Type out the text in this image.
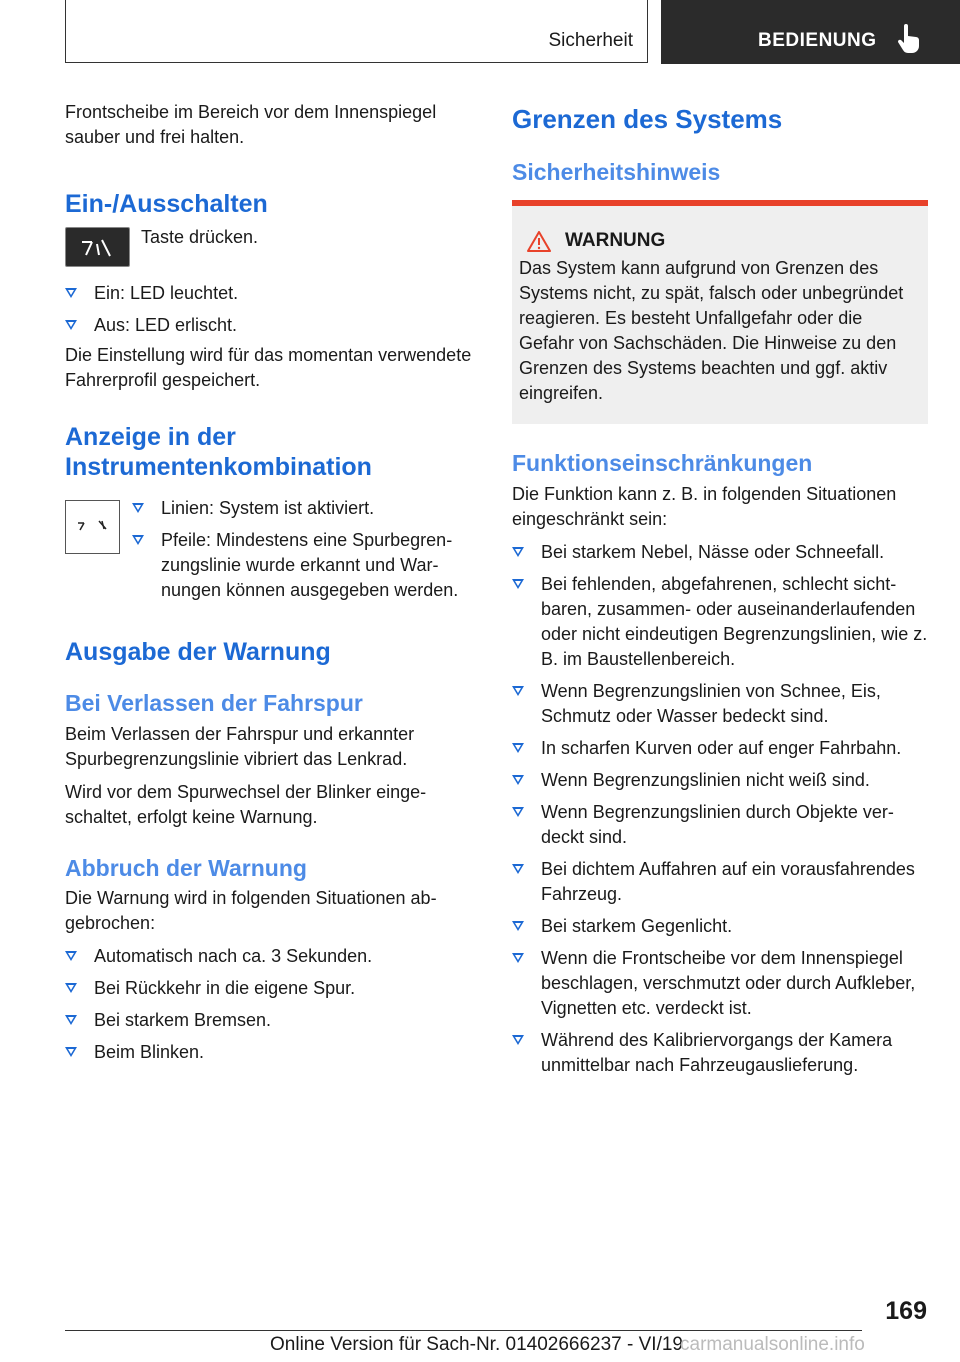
Sicherheit	BEDIENUNG

Frontscheibe im Bereich vor dem Innenspiegel sauber und frei halten.

Ein-/Ausschalten

Taste drücken.

Ein: LED leuchtet.
Aus: LED erlischt.

Die Einstellung wird für das momentan verwendete Fahrerprofil gespeichert.

Anzeige in der
Instrumentenkombination
Linien: System ist aktiviert.
Pfeile: Mindestens eine Spurbegrenzungslinie wurde erkannt und Warnungen können ausgegeben werden.
Ausgabe der Warnung
Bei Verlassen der Fahrspur

Beim Verlassen der Fahrspur und erkannter Spurbegrenzungslinie vibriert das Lenkrad.

Wird vor dem Spurwechsel der Blinker eingeschaltet, erfolgt keine Warnung.

Abbruch der Warnung

Die Warnung wird in folgenden Situationen abgebrochen:

Automatisch nach ca. 3 Sekunden.
Bei Rückkehr in die eigene Spur.
Bei starkem Bremsen.
Beim Blinken.
Grenzen des Systems
Sicherheitshinweis
WARNUNG

Das System kann aufgrund von Grenzen des Systems nicht, zu spät, falsch oder unbegründet reagieren. Es besteht Unfallgefahr oder die Gefahr von Sachschäden. Die Hinweise zu den Grenzen des Systems beachten und ggf. aktiv eingreifen.

Funktionseinschränkungen

Die Funktion kann z. B. in folgenden Situationen eingeschränkt sein:

Bei starkem Nebel, Nässe oder Schneefall.
Bei fehlenden, abgefahrenen, schlecht sichtbaren, zusammen- oder auseinanderlaufenden oder nicht eindeutigen Begrenzungslinien, wie z. B. im Baustellenbereich.
Wenn Begrenzungslinien von Schnee, Eis, Schmutz oder Wasser bedeckt sind.
In scharfen Kurven oder auf enger Fahrbahn.
Wenn Begrenzungslinien nicht weiß sind.
Wenn Begrenzungslinien durch Objekte verdeckt sind.
Bei dichtem Auffahren auf ein vorausfahrendes Fahrzeug.
Bei starkem Gegenlicht.
Wenn die Frontscheibe vor dem Innenspiegel beschlagen, verschmutzt oder durch Aufkleber, Vignetten etc. verdeckt ist.
Während des Kalibriervorgangs der Kamera unmittelbar nach Fahrzeugauslieferung.
169
Online Version für Sach-Nr. 01402666237 - VI/19
carmanualsonline.info
